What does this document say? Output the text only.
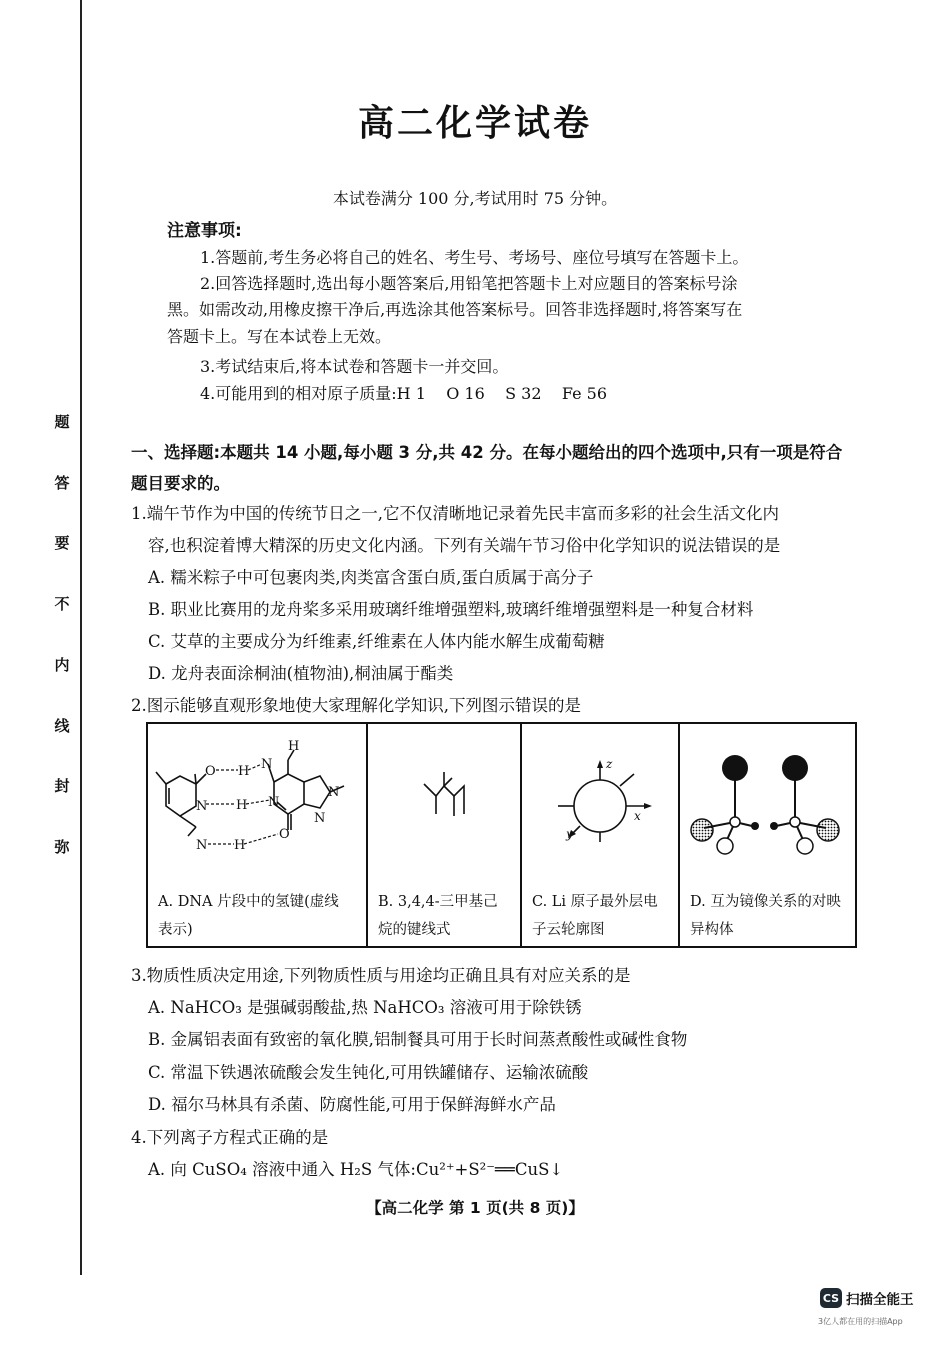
题
答
要
不
内
线
封
弥
高二化学试卷
本试卷满分 100 分,考试用时 75 分钟。
注意事项:
1.答题前,考生务必将自己的姓名、考生号、考场号、座位号填写在答题卡上。
2.回答选择题时,选出每小题答案后,用铅笔把答题卡上对应题目的答案标号涂
黑。如需改动,用橡皮擦干净后,再选涂其他答案标号。回答非选择题时,将答案写在
答题卡上。写在本试卷上无效。
3.考试结束后,将本试卷和答题卡一并交回。
4.可能用到的相对原子质量:H 1    O 16    S 32    Fe 56
一、选择题:本题共 14 小题,每小题 3 分,共 42 分。在每小题给出的四个选项中,只有一项是符合题目要求的。
1.端午节作为中国的传统节日之一,它不仅清晰地记录着先民丰富而多彩的社会生活文化内
容,也积淀着博大精深的历史文化内涵。下列有关端午节习俗中化学知识的说法错误的是
A. 糯米粽子中可包裹肉类,肉类富含蛋白质,蛋白质属于高分子
B. 职业比赛用的龙舟桨多采用玻璃纤维增强塑料,玻璃纤维增强塑料是一种复合材料
C. 艾草的主要成分为纤维素,纤维素在人体内能水解生成葡萄糖
D. 龙舟表面涂桐油(植物油),桐油属于酯类
2.图示能够直观形象地使大家理解化学知识,下列图示错误的是
O H N
H
N H N
N
N
N H
O
A. DNA 片段中的氢键(虚线
表示)

B. 3,4,4-三甲基己
烷的键线式

z
x
y
C. Li 原子最外层电
子云轮廓图

D. 互为镜像关系的对映
异构体
3.物质性质决定用途,下列物质性质与用途均正确且具有对应关系的是
A. NaHCO₃ 是强碱弱酸盐,热 NaHCO₃ 溶液可用于除铁锈
B. 金属铝表面有致密的氧化膜,铝制餐具可用于长时间蒸煮酸性或碱性食物
C. 常温下铁遇浓硫酸会发生钝化,可用铁罐储存、运输浓硫酸
D. 福尔马林具有杀菌、防腐性能,可用于保鲜海鲜水产品
4.下列离子方程式正确的是
A. 向 CuSO₄ 溶液中通入 H₂S 气体:Cu²⁺+S²⁻══CuS↓
【高二化学 第 1 页(共 8 页)】
CS 扫描全能王
3亿人都在用的扫描App
